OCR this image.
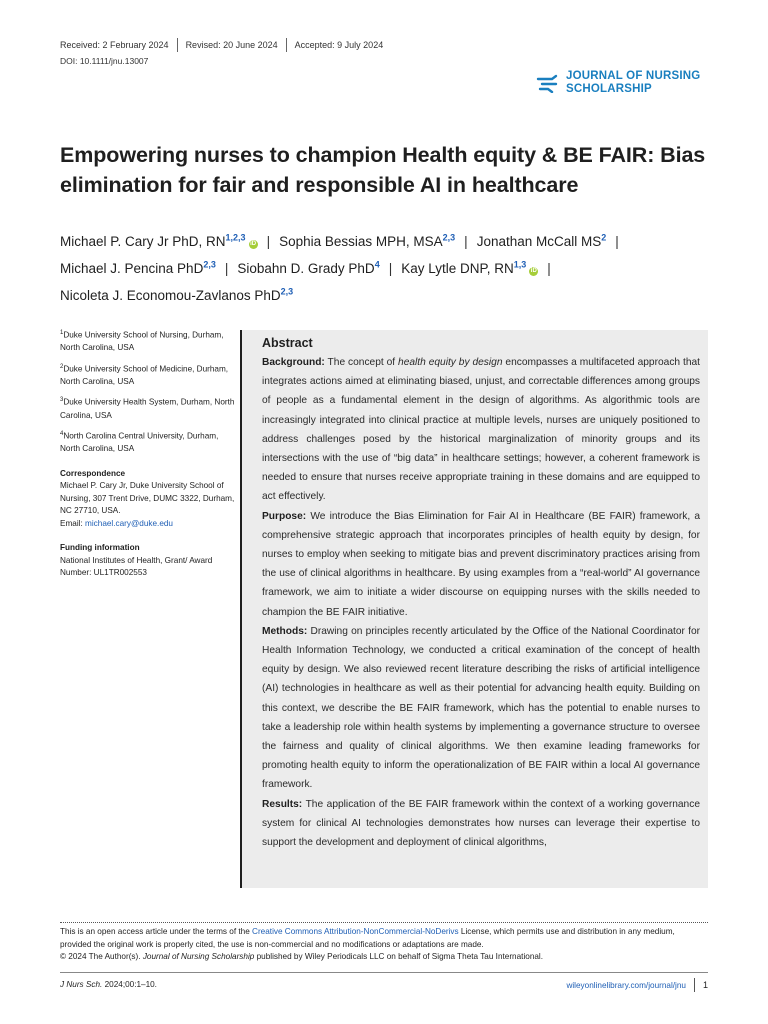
Received: 2 February 2024 Revised: 20 June 2024 Accepted: 9 July 2024
DOI: 10.1111/jnu.13007
JOURNAL OF NURSING
SCHOLARSHIP
Empowering nurses to champion Health equity & BE FAIR: Bias elimination for fair and responsible AI in healthcare
Michael P. Cary Jr PhD, RN$^{1,2,3}$iD | Sophia Bessias MPH, MSA$^{2,3}$ | Jonathan McCall $MS^2$ |
Michael J. Pencina PhD$^{2,3}$ | Siobahn D. Grady PhD$^4$ | Kay Lytle DNP, RN$^{1,3}$iD |
Nicoleta J. Economou-Zavlanos PhD$^{2,3}$
$^1$Duke University School of Nursing, Durham, North Carolina, USA
$^2$Duke University School of Medicine, Durham, North Carolina, USA
$^3$Duke University Health System, Durham, North Carolina, USA
$^4$North Carolina Central University, Durham, North Carolina, USA
Correspondence

Michael P. Cary Jr, Duke University School of Nursing, 307 Trent Drive, DUMC 3322, Durham, NC 27710, USA.

Email: michael.cary@duke.edu

Funding information

National Institutes of Health, Grant/ Award Number: UL1TR002553

Abstract

Background: The concept of health equity by design encompasses a multifaceted approach that integrates actions aimed at eliminating biased, unjust, and correctable differences among groups of people as a fundamental element in the design of algorithms. As algorithmic tools are increasingly integrated into clinical practice at multiple levels, nurses are uniquely positioned to address challenges posed by the historical marginalization of minority groups and its intersections with the use of “big data” in healthcare settings; however, a coherent framework is needed to ensure that nurses receive appropriate training in these domains and are equipped to act effectively.

Purpose: We introduce the Bias Elimination for Fair AI in Healthcare (BE FAIR) framework, a comprehensive strategic approach that incorporates principles of health equity by design, for nurses to employ when seeking to mitigate bias and prevent discriminatory practices arising from the use of clinical algorithms in healthcare. By using examples from a “real-world” AI governance framework, we aim to initiate a wider discourse on equipping nurses with the skills needed to champion the BE FAIR initiative.

Methods: Drawing on principles recently articulated by the Office of the National Coordinator for Health Information Technology, we conducted a critical examination of the concept of health equity by design. We also reviewed recent literature describing the risks of artificial intelligence (AI) technologies in healthcare as well as their potential for advancing health equity. Building on this context, we describe the BE FAIR framework, which has the potential to enable nurses to take a leadership role within health systems by implementing a governance structure to oversee the fairness and quality of clinical algorithms. We then examine leading frameworks for promoting health equity to inform the operationalization of BE FAIR within a local AI governance framework.

Results: The application of the BE FAIR framework within the context of a working governance system for clinical AI technologies demonstrates how nurses can leverage their expertise to support the development and deployment of clinical algorithms,

This is an open access article under the terms of the Creative Commons Attribution-NonCommercial-NoDerivs License, which permits use and distribution in any medium, provided the original work is properly cited, the use is non-commercial and no modifications or adaptations are made.

© 2024 The Author(s). Journal of Nursing Scholarship published by Wiley Periodicals LLC on behalf of Sigma Theta Tau International.

J Nurs Sch. 2024;00:1–10.	wileyonlinelibrary.com/journal/jnu 1
